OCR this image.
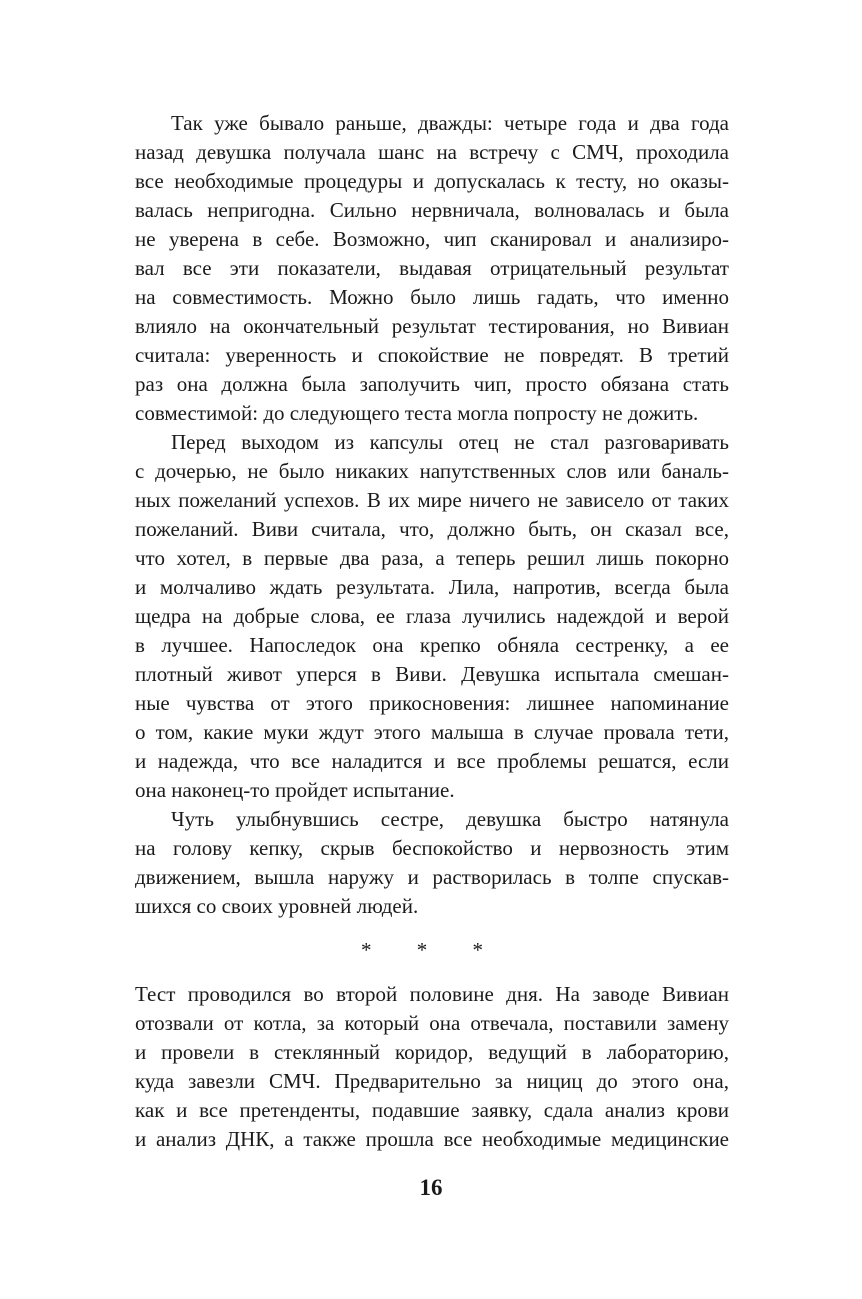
Так уже бывало раньше, дважды: четыре года и два года
назад девушка получала шанс на встречу с СМЧ, проходила
все необходимые процедуры и допускалась к тесту, но оказы-
валась непригодна. Сильно нервничала, волновалась и была
не уверена в себе. Возможно, чип сканировал и анализиро-
вал все эти показатели, выдавая отрицательный результат
на совместимость. Можно было лишь гадать, что именно
влияло на окончательный результат тестирования, но Вивиан
считала: уверенность и спокойствие не повредят. В третий
раз она должна была заполучить чип, просто обязана стать
совместимой: до следующего теста могла попросту не дожить.
Перед выходом из капсулы отец не стал разговаривать
с дочерью, не было никаких напутственных слов или баналь-
ных пожеланий успехов. В их мире ничего не зависело от таких
пожеланий. Виви считала, что, должно быть, он сказал все,
что хотел, в первые два раза, а теперь решил лишь покорно
и молчаливо ждать результата. Лила, напротив, всегда была
щедра на добрые слова, ее глаза лучились надеждой и верой
в лучшее. Напоследок она крепко обняла сестренку, а ее
плотный живот уперся в Виви. Девушка испытала смешан-
ные чувства от этого прикосновения: лишнее напоминание
о том, какие муки ждут этого малыша в случае провала тети,
и надежда, что все наладится и все проблемы решатся, если
она наконец-то пройдет испытание.
Чуть улыбнувшись сестре, девушка быстро натянула
на голову кепку, скрыв беспокойство и нервозность этим
движением, вышла наружу и растворилась в толпе спускав-
шихся со своих уровней людей.
* * *
Тест проводился во второй половине дня. На заводе Вивиан
отозвали от котла, за который она отвечала, поставили замену
и провели в стеклянный коридор, ведущий в лабораторию,
куда завезли СМЧ. Предварительно за нициц до этого она,
как и все претенденты, подавшие заявку, сдала анализ крови
и анализ ДНК, а также прошла все необходимые медицинские
16
